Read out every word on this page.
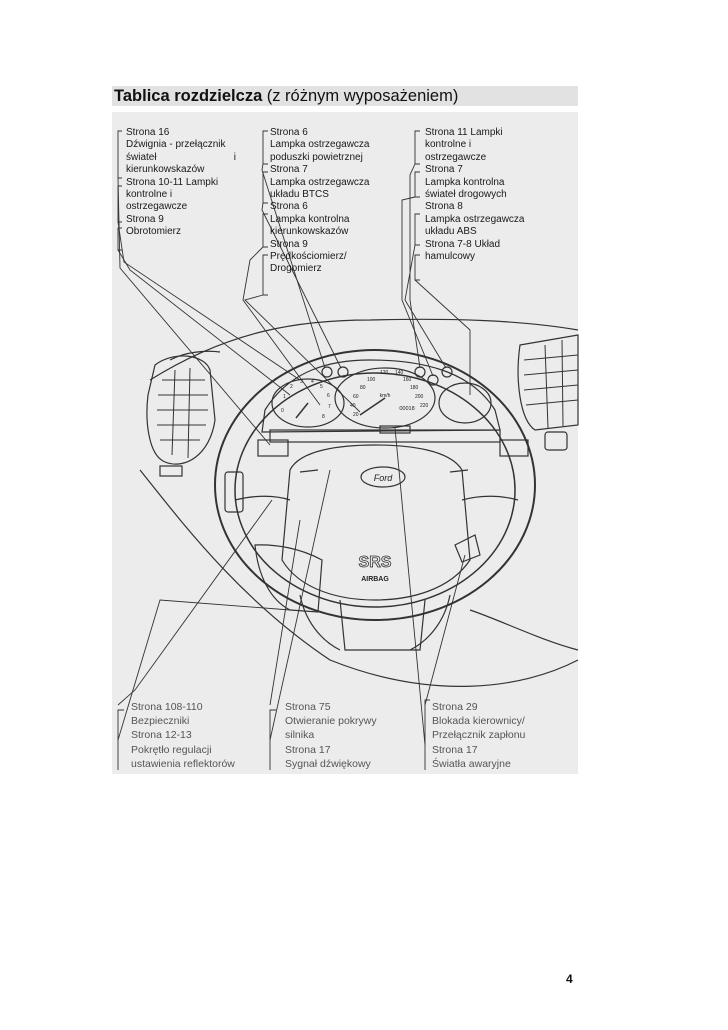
Tablica rozdzielcza (z różnym wyposażeniem)
Ford
SRS
AIRBAG
km/h
00018
120 140
100	160
80	180
60	200
40	220
20
0
1
2
3 4
5
6
7
8
Strona 16
Dźwignia - przełącznik
świateł	i
kierunkowskazów
Strona 10-11 Lampki
kontrolne i
ostrzegawcze
Strona 9
Obrotomierz
Strona 6
Lampka ostrzegawcza
poduszki powietrznej
Strona 7
Lampka ostrzegawcza
układu BTCS
Strona 6
Lampka kontrolna
kierunkowskazów
Strona 9
Prędkościomierz/
Drogomierz
Strona 11 Lampki
kontrolne i
ostrzegawcze
Strona 7
Lampka kontrolna
świateł drogowych
Strona 8
Lampka ostrzegawcza
układu ABS
Strona 7-8 Układ
hamulcowy
Strona 108-110
Bezpieczniki
Strona 12-13
Pokrętło regulacji
ustawienia reflektorów
Strona 75
Otwieranie pokrywy
silnika
Strona 17
Sygnał dźwiękowy
Strona 29
Blokada kierownicy/
Przełącznik zapłonu
Strona 17
Światła awaryjne
4
